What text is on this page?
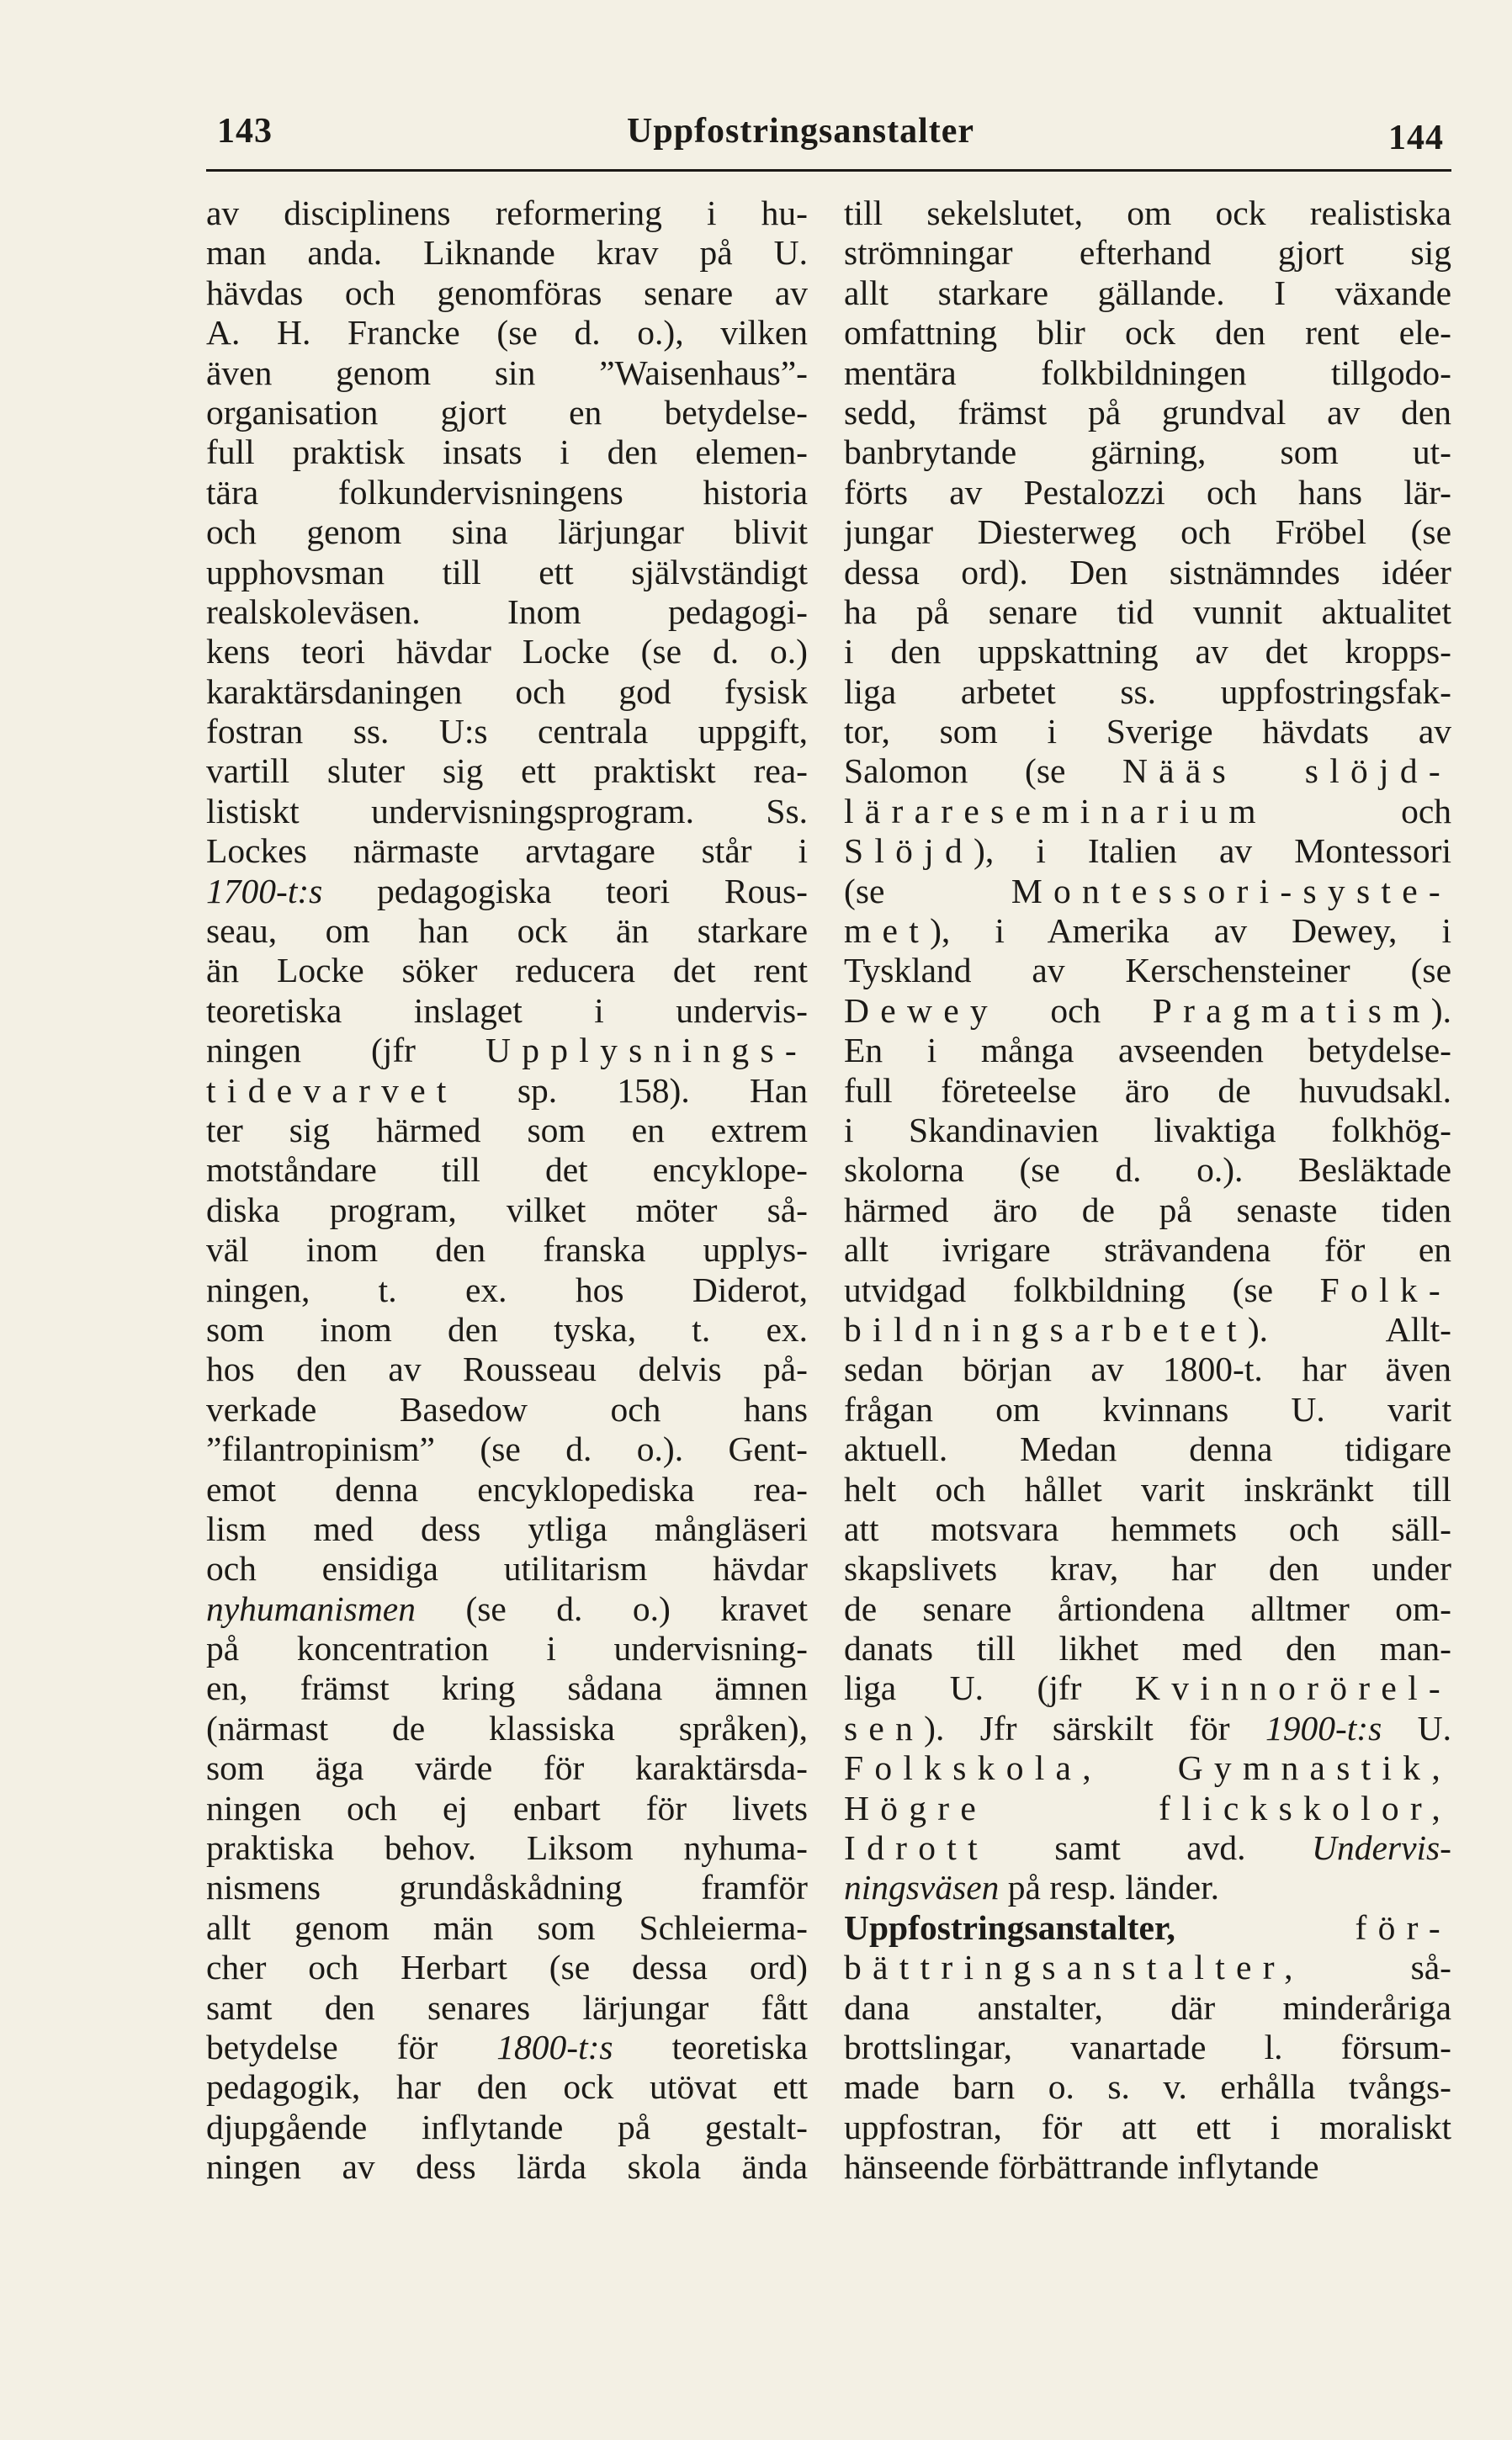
143	Uppfostringsanstalter	144
av disciplinens reformering i hu-
man anda. Liknande krav på U.
hävdas och genomföras senare av
A. H. Francke (se d. o.), vilken
även genom sin ”Waisenhaus”-
organisation gjort en betydelse-
full praktisk insats i den elemen-
tära folkundervisningens historia
och genom sina lärjungar blivit
upphovsman till ett självständigt
realskoleväsen. Inom pedagogi-
kens teori hävdar Locke (se d. o.)
karaktärsdaningen och god fysisk
fostran ss. U:s centrala uppgift,
vartill sluter sig ett praktiskt rea-
listiskt undervisningsprogram. Ss.
Lockes närmaste arvtagare står i
1700-t:s pedagogiska teori Rous-
seau, om han ock än starkare
än Locke söker reducera det rent
teoretiska inslaget i undervis-
ningen (jfr Upplysnings-
tidevarvet sp. 158). Han
ter sig härmed som en extrem
motståndare till det encyklope-
diska program, vilket möter så-
väl inom den franska upplys-
ningen, t. ex. hos Diderot,
som inom den tyska, t. ex.
hos den av Rousseau delvis på-
verkade Basedow och hans
”filantropinism” (se d. o.). Gent-
emot denna encyklopediska rea-
lism med dess ytliga mångläseri
och ensidiga utilitarism hävdar
nyhumanismen (se d. o.) kravet
på koncentration i undervisning-
en, främst kring sådana ämnen
(närmast de klassiska språken),
som äga värde för karaktärsda-
ningen och ej enbart för livets
praktiska behov. Liksom nyhuma-
nismens grundåskådning framför
allt genom män som Schleierma-
cher och Herbart (se dessa ord)
samt den senares lärjungar fått
betydelse för 1800-t:s teoretiska
pedagogik, har den ock utövat ett
djupgående inflytande på gestalt-
ningen av dess lärda skola ända
till sekelslutet, om ock realistiska
strömningar efterhand gjort sig
allt starkare gällande. I växande
omfattning blir ock den rent ele-
mentära folkbildningen tillgodo-
sedd, främst på grundval av den
banbrytande gärning, som ut-
förts av Pestalozzi och hans lär-
jungar Diesterweg och Fröbel (se
dessa ord). Den sistnämndes idéer
ha på senare tid vunnit aktualitet
i den uppskattning av det kropps-
liga arbetet ss. uppfostringsfak-
tor, som i Sverige hävdats av
Salomon (se Nääs slöjd-
lärareseminarium och
Slöjd), i Italien av Montessori
(se Montessori-syste-
met), i Amerika av Dewey, i
Tyskland av Kerschensteiner (se
Dewey och Pragmatism).
En i många avseenden betydelse-
full företeelse äro de huvudsakl.
i Skandinavien livaktiga folkhög-
skolorna (se d. o.). Besläktade
härmed äro de på senaste tiden
allt ivrigare strävandena för en
utvidgad folkbildning (se Folk-
bildningsarbetet). Allt-
sedan början av 1800-t. har även
frågan om kvinnans U. varit
aktuell. Medan denna tidigare
helt och hållet varit inskränkt till
att motsvara hemmets och säll-
skapslivets krav, har den under
de senare årtiondena alltmer om-
danats till likhet med den man-
liga U. (jfr Kvinnorörel-
sen). Jfr särskilt för 1900-t:s U.
Folkskola, Gymnastik,
Högre flickskolor,
Idrott samt avd. Undervis-
ningsväsen på resp. länder.
Uppfostringsanstalter,	för-
bättringsanstalter, så-
dana anstalter, där minderåriga
brottslingar, vanartade l. försum-
made barn o. s. v. erhålla tvångs-
uppfostran, för att ett i moraliskt
hänseende förbättrande inflytande
